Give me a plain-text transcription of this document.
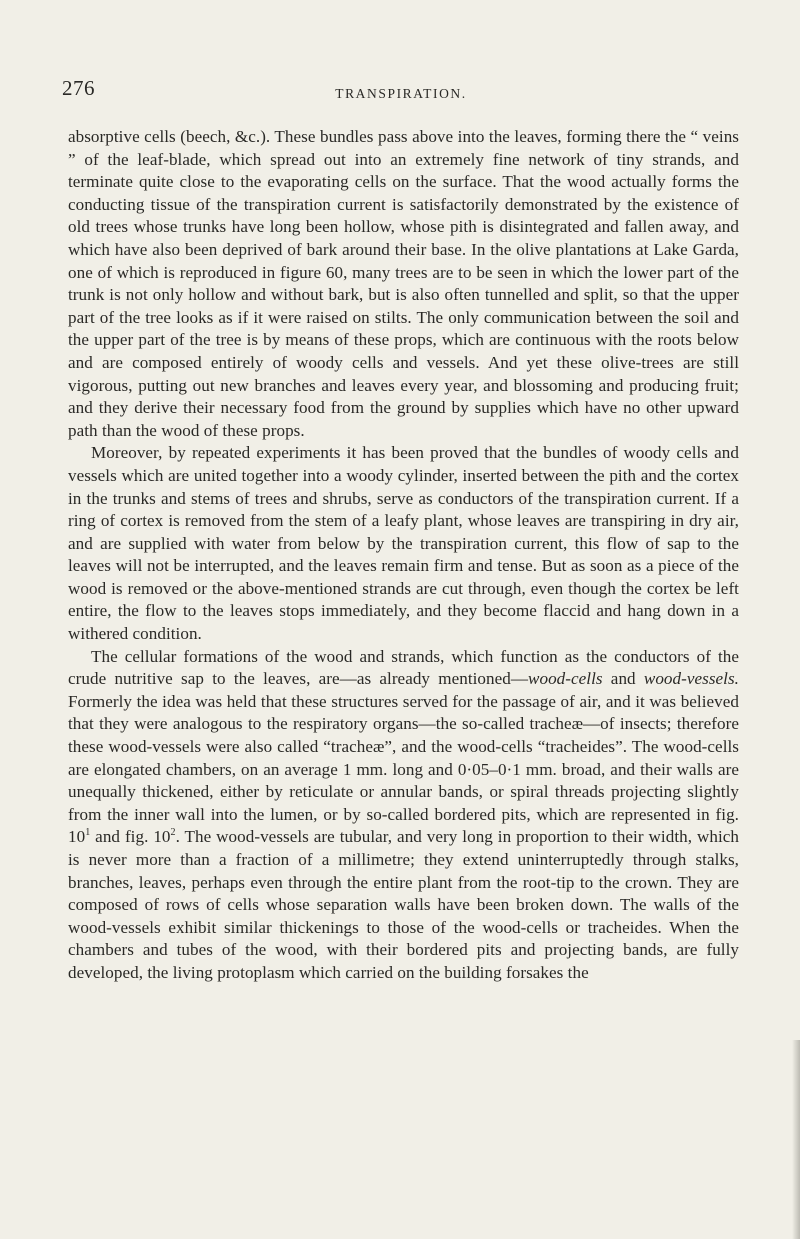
276	TRANSPIRATION.

absorptive cells (beech, &c.). These bundles pass above into the leaves, forming there the “ veins ” of the leaf-blade, which spread out into an extremely fine network of tiny strands, and terminate quite close to the evaporating cells on the surface. That the wood actually forms the conducting tissue of the transpiration current is satisfactorily demonstrated by the existence of old trees whose trunks have long been hollow, whose pith is disintegrated and fallen away, and which have also been deprived of bark around their base. In the olive plantations at Lake Garda, one of which is reproduced in figure 60, many trees are to be seen in which the lower part of the trunk is not only hollow and without bark, but is also often tunnelled and split, so that the upper part of the tree looks as if it were raised on stilts. The only communication between the soil and the upper part of the tree is by means of these props, which are continuous with the roots below and are composed entirely of woody cells and vessels. And yet these olive-trees are still vigorous, putting out new branches and leaves every year, and blossoming and producing fruit; and they derive their necessary food from the ground by supplies which have no other upward path than the wood of these props.

Moreover, by repeated experiments it has been proved that the bundles of woody cells and vessels which are united together into a woody cylinder, inserted between the pith and the cortex in the trunks and stems of trees and shrubs, serve as conductors of the transpiration current. If a ring of cortex is removed from the stem of a leafy plant, whose leaves are transpiring in dry air, and are supplied with water from below by the transpiration current, this flow of sap to the leaves will not be interrupted, and the leaves remain firm and tense. But as soon as a piece of the wood is removed or the above-mentioned strands are cut through, even though the cortex be left entire, the flow to the leaves stops immediately, and they become flaccid and hang down in a withered condition.

The cellular formations of the wood and strands, which function as the conductors of the crude nutritive sap to the leaves, are—as already mentioned—wood-cells and wood-vessels. Formerly the idea was held that these structures served for the passage of air, and it was believed that they were analogous to the respiratory organs—the so-called tracheæ—of insects; therefore these wood-vessels were also called “tracheæ”, and the wood-cells “tracheides”. The wood-cells are elongated chambers, on an average 1 mm. long and 0·05–0·1 mm. broad, and their walls are unequally thickened, either by reticulate or annular bands, or spiral threads projecting slightly from the inner wall into the lumen, or by so-called bordered pits, which are represented in fig. $10^1$ and fig. $10^2$. The wood-vessels are tubular, and very long in proportion to their width, which is never more than a fraction of a millimetre; they extend uninterruptedly through stalks, branches, leaves, perhaps even through the entire plant from the root-tip to the crown. They are composed of rows of cells whose separation walls have been broken down. The walls of the wood-vessels exhibit similar thickenings to those of the wood-cells or tracheides. When the chambers and tubes of the wood, with their bordered pits and projecting bands, are fully developed, the living protoplasm which carried on the building forsakes the
